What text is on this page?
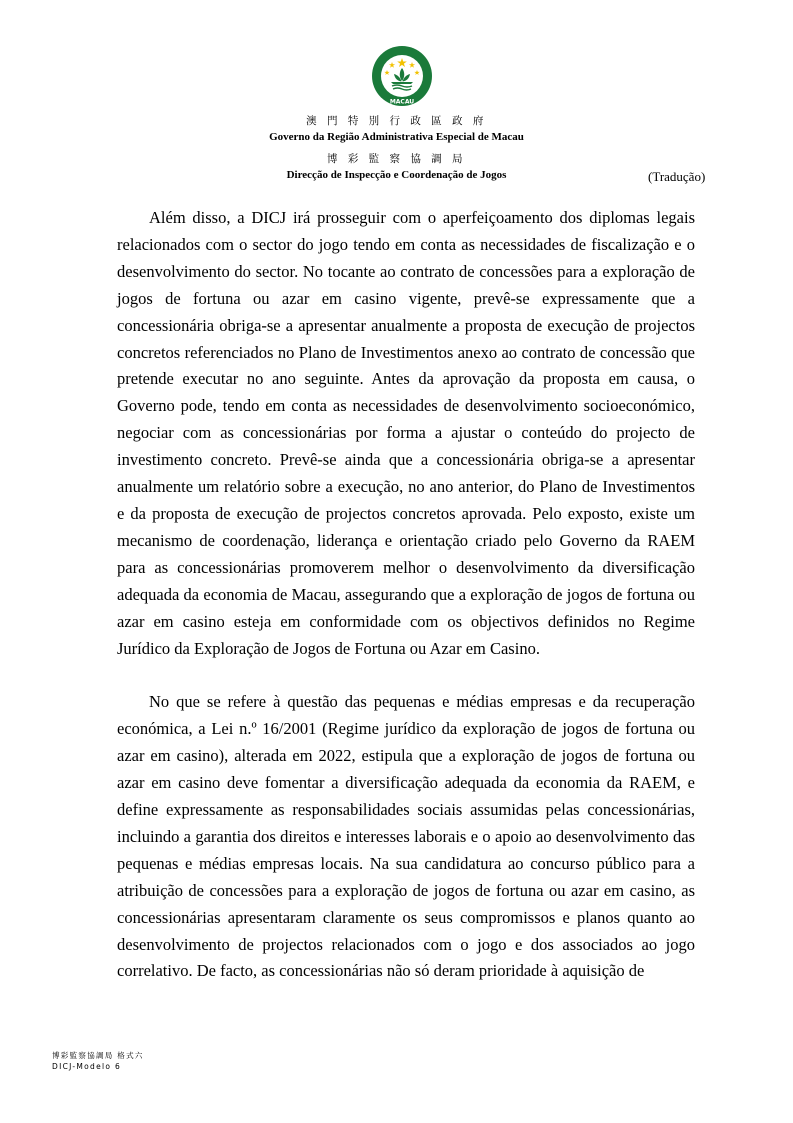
MACAU
澳 門 特 別 行 政 區 政 府
Governo da Região Administrativa Especial de Macau
博 彩 監 察 協 調 局
Direcção de Inspecção e Coordenação de Jogos	(Tradução)

Além disso, a DICJ irá prosseguir com o aperfeiçoamento dos diplomas legais relacionados com o sector do jogo tendo em conta as necessidades de fiscalização e o desenvolvimento do sector. No tocante ao contrato de concessões para a exploração de jogos de fortuna ou azar em casino vigente, prevê-se expressamente que a concessionária obriga-se a apresentar anualmente a proposta de execução de projectos concretos referenciados no Plano de Investimentos anexo ao contrato de concessão que pretende executar no ano seguinte. Antes da aprovação da proposta em causa, o Governo pode, tendo em conta as necessidades de desenvolvimento socioeconómico, negociar com as concessionárias por forma a ajustar o conteúdo do projecto de investimento concreto. Prevê-se ainda que a concessionária obriga-se a apresentar anualmente um relatório sobre a execução, no ano anterior, do Plano de Investimentos e da proposta de execução de projectos concretos aprovada. Pelo exposto, existe um mecanismo de coordenação, liderança e orientação criado pelo Governo da RAEM para as concessionárias promoverem melhor o desenvolvimento da diversificação adequada da economia de Macau, assegurando que a exploração de jogos de fortuna ou azar em casino esteja em conformidade com os objectivos definidos no Regime Jurídico da Exploração de Jogos de Fortuna ou Azar em Casino.

No que se refere à questão das pequenas e médias empresas e da recuperação económica, a Lei n.º 16/2001 (Regime jurídico da exploração de jogos de fortuna ou azar em casino), alterada em 2022, estipula que a exploração de jogos de fortuna ou azar em casino deve fomentar a diversificação adequada da economia da RAEM, e define expressamente as responsabilidades sociais assumidas pelas concessionárias, incluindo a garantia dos direitos e interesses laborais e o apoio ao desenvolvimento das pequenas e médias empresas locais. Na sua candidatura ao concurso público para a atribuição de concessões para a exploração de jogos de fortuna ou azar em casino, as concessionárias apresentaram claramente os seus compromissos e planos quanto ao desenvolvimento de projectos relacionados com o jogo e dos associados ao jogo correlativo. De facto, as concessionárias não só deram prioridade à aquisição de

博彩監察協調局 格式六
DICJ-Modelo 6
